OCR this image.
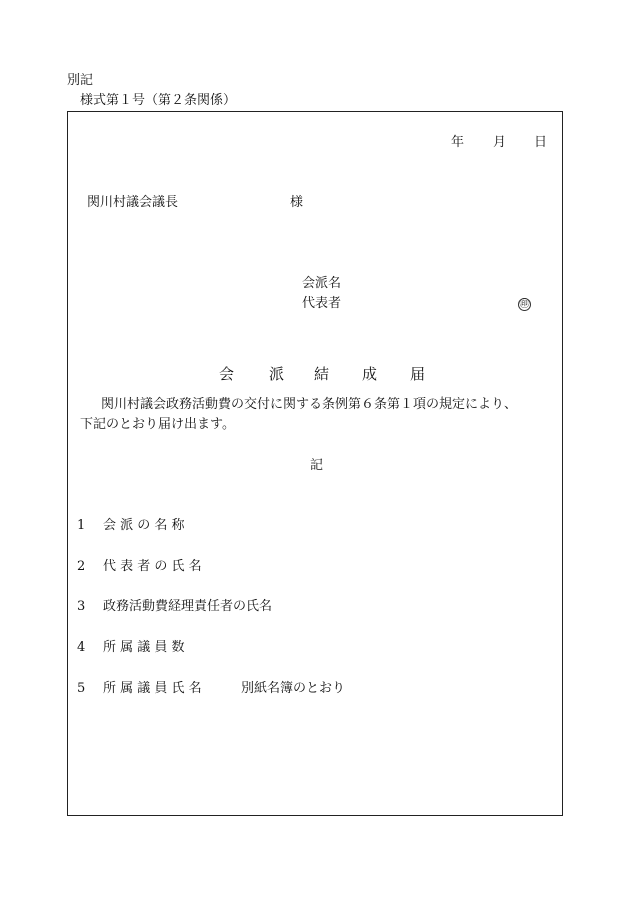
別記
様式第１号（第２条関係）
年 月 日
関川村議会議長	様
会派名
代表者	㊞
会 派 結 成 届
関川村議会政務活動費の交付に関する条例第６条第１項の規定により、
下記のとおり届け出ます。
記
1 会 派 の 名 称
2 代 表 者 の 氏 名
3 政務活動費経理責任者の氏名
4 所 属 議 員 数
5 所 属 議 員 氏 名	別紙名簿のとおり
